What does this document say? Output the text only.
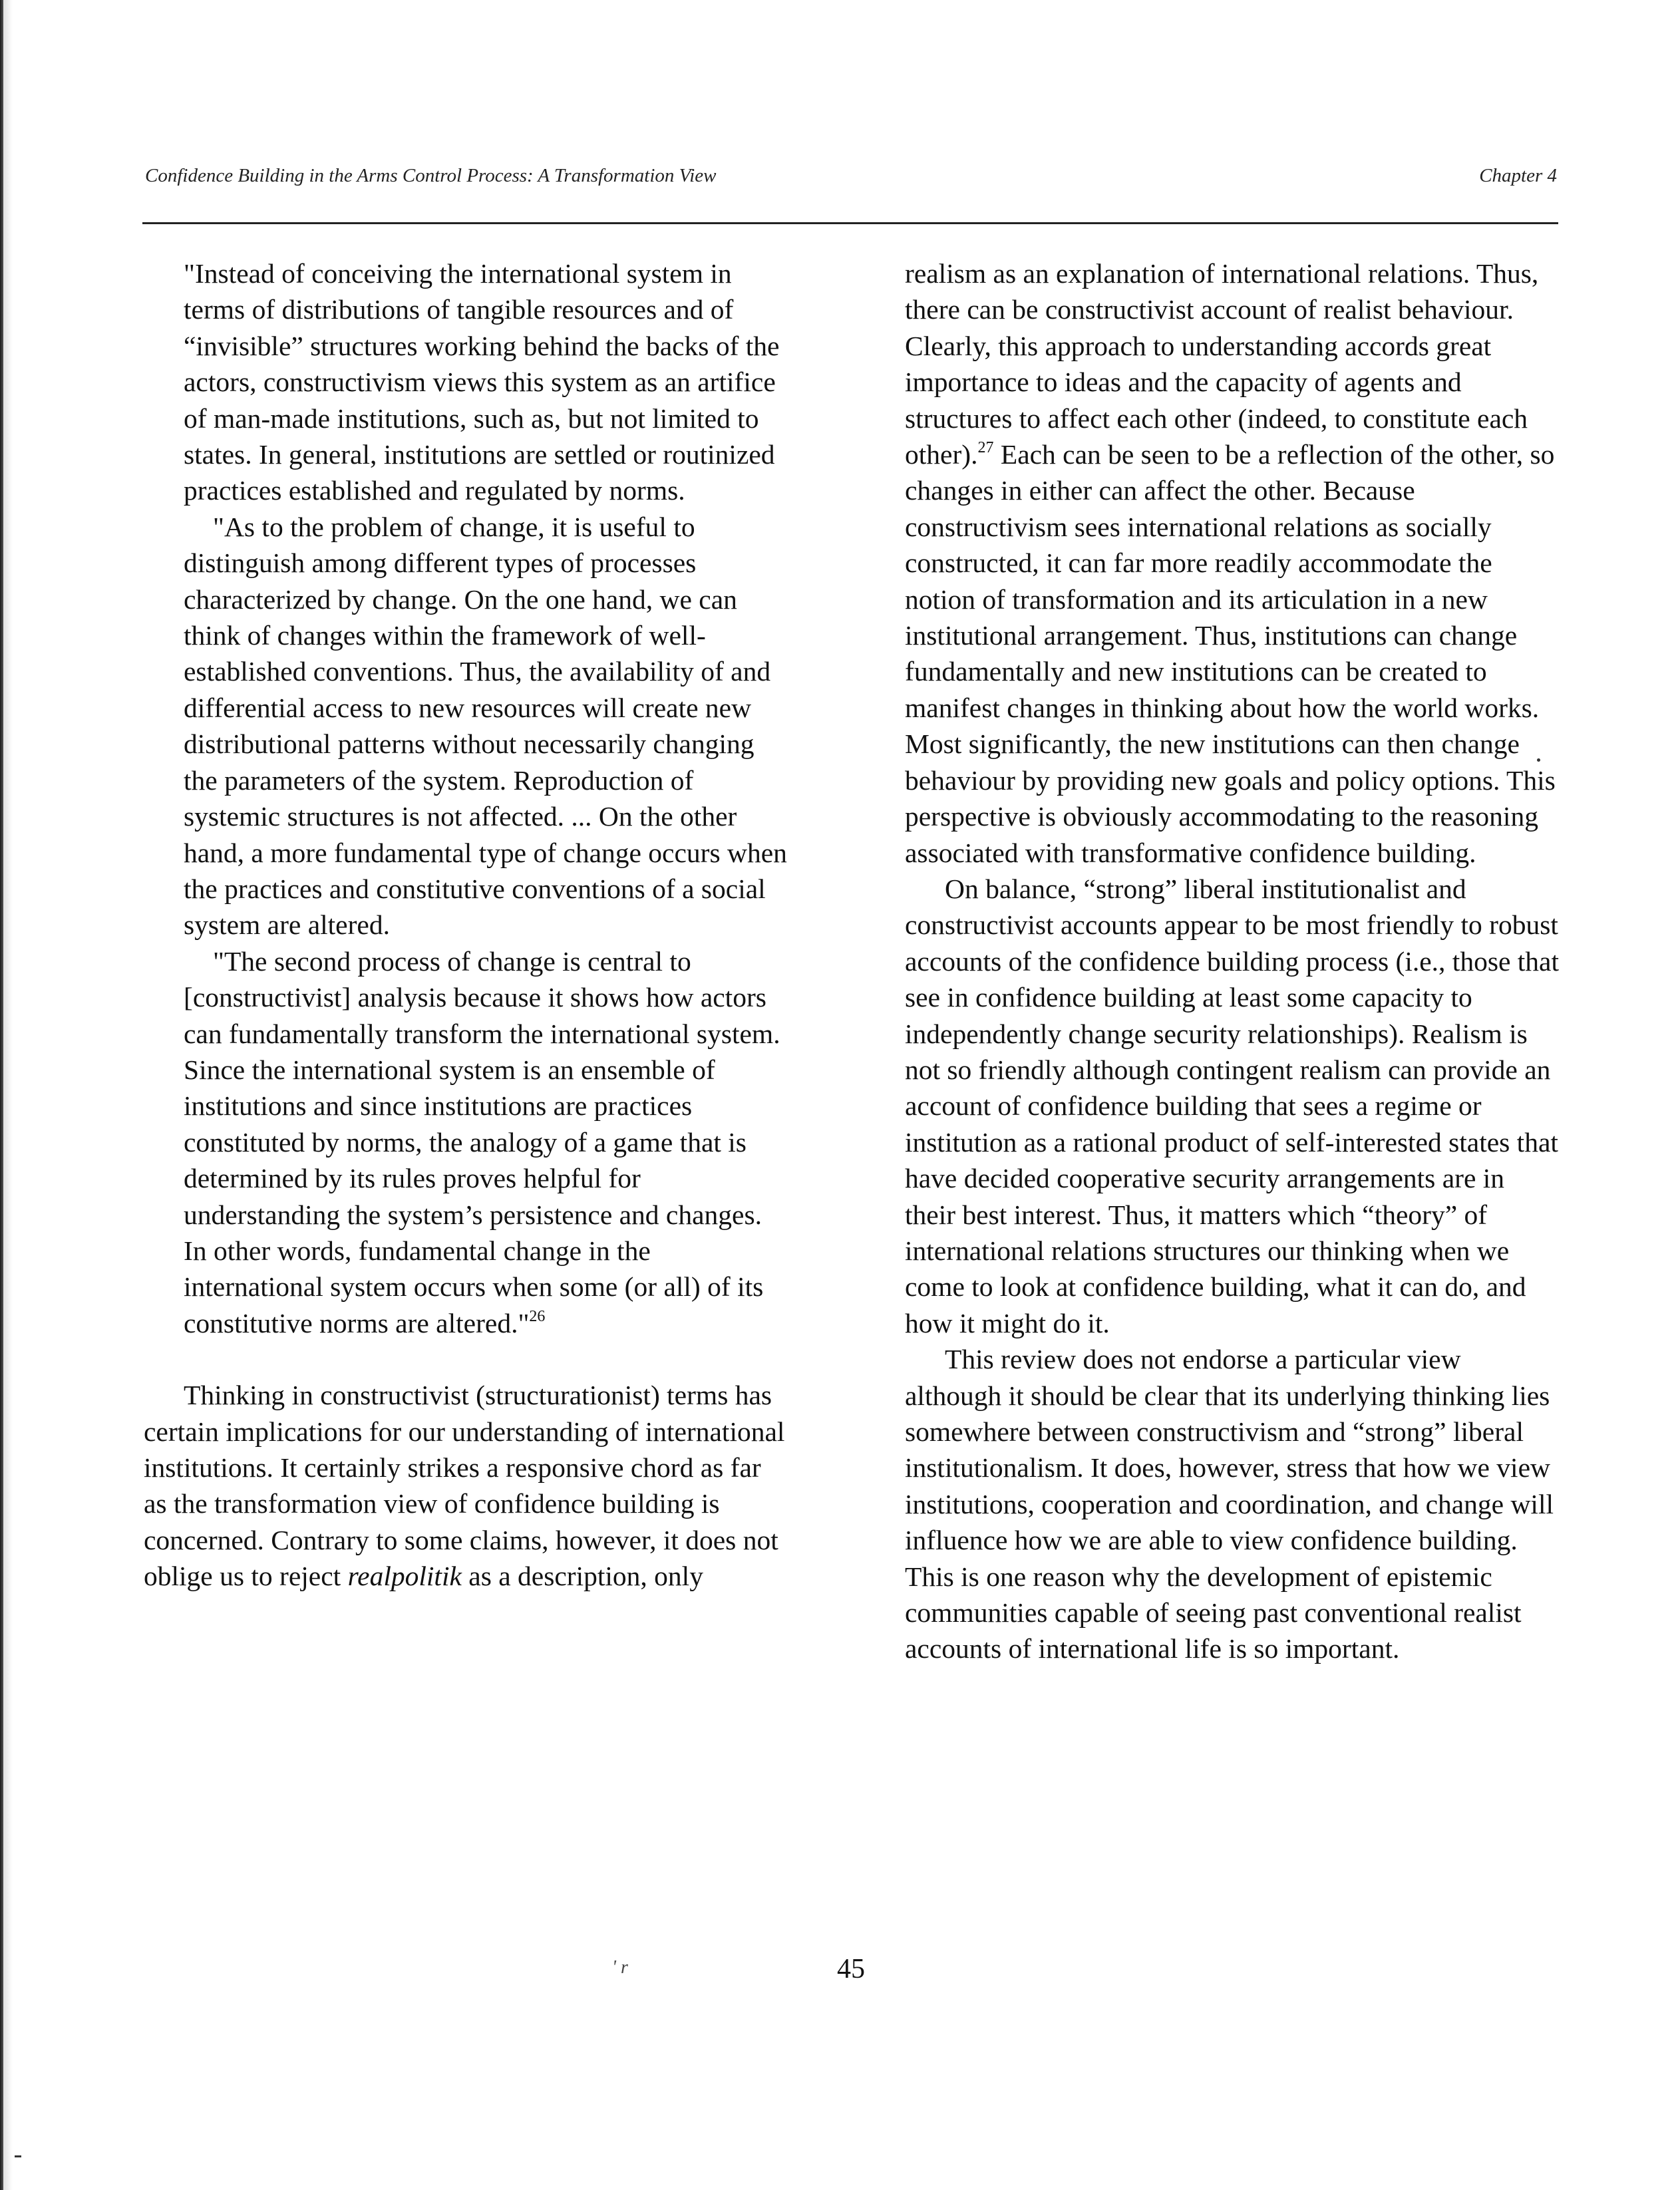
Confidence Building in the Arms Control Process: A Transformation View	Chapter 4

"Instead of conceiving the international system in terms of distributions of tangible resources and of “invisible” structures working behind the backs of the actors, constructivism views this system as an artifice of man-made institutions, such as, but not limited to states. In general, institutions are settled or routinized practices established and regulated by norms.

"As to the problem of change, it is useful to distinguish among different types of processes characterized by change. On the one hand, we can think of changes within the framework of well-established conventions. Thus, the availability of and differential access to new resources will create new distributional patterns without necessarily changing the parameters of the system. Reproduction of systemic structures is not affected. ... On the other hand, a more fundamental type of change occurs when the practices and constitutive conventions of a social system are altered.

"The second process of change is central to [constructivist] analysis because it shows how actors can fundamentally transform the international system. Since the international system is an ensemble of institutions and since institutions are practices constituted by norms, the analogy of a game that is determined by its rules proves helpful for understanding the system’s persistence and changes. In other words, fundamental change in the international system occurs when some (or all) of its constitutive norms are altered."$^{26}$

Thinking in constructivist (structurationist) terms has certain implications for our understanding of international institutions. It certainly strikes a responsive chord as far as the transformation view of confidence building is concerned. Contrary to some claims, however, it does not oblige us to reject realpolitik as a description, only

realism as an explanation of international relations. Thus, there can be constructivist account of realist behaviour. Clearly, this approach to understanding accords great importance to ideas and the capacity of agents and structures to affect each other (indeed, to constitute each other).$^{27}$ Each can be seen to be a reflection of the other, so changes in either can affect the other. Because constructivism sees international relations as socially constructed, it can far more readily accommodate the notion of transformation and its articulation in a new institutional arrangement. Thus, institutions can change fundamentally and new institutions can be created to manifest changes in thinking about how the world works. Most significantly, the new institutions can then change behaviour by providing new goals and policy options. This perspective is obviously accommodating to the reasoning associated with transformative confidence building.

On balance, “strong” liberal institutionalist and constructivist accounts appear to be most friendly to robust accounts of the confidence building process (i.e., those that see in confidence building at least some capacity to independently change security relationships). Realism is not so friendly although contingent realism can provide an account of confidence building that sees a regime or institution as a rational product of self-interested states that have decided cooperative security arrangements are in their best interest. Thus, it matters which “theory” of international relations structures our thinking when we come to look at confidence building, what it can do, and how it might do it.

This review does not endorse a particular view although it should be clear that its underlying thinking lies somewhere between constructivism and “strong” liberal institutionalism. It does, however, stress that how we view institutions, cooperation and coordination, and change will influence how we are able to view confidence building. This is one reason why the development of epistemic communities capable of seeing past conventional realist accounts of international life is so important.

' r	45
